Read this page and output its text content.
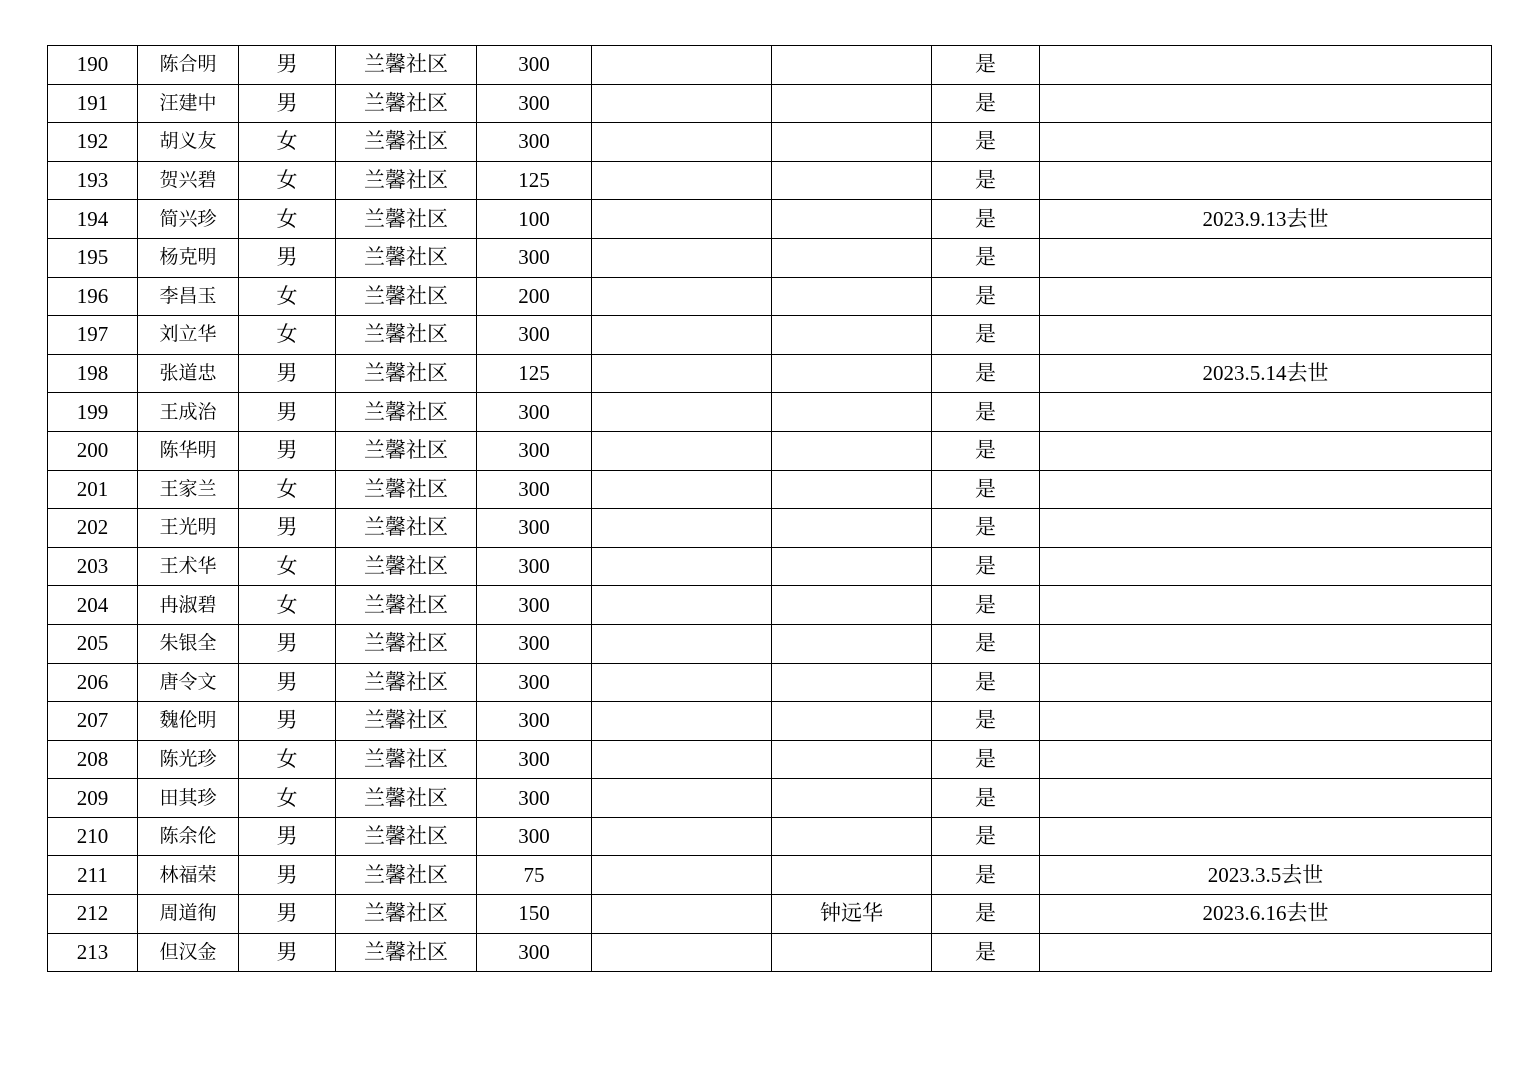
190	陈合明	男	兰馨社区	300			是	
191	汪建中	男	兰馨社区	300			是	
192	胡义友	女	兰馨社区	300			是	
193	贺兴碧	女	兰馨社区	125			是	
194	简兴珍	女	兰馨社区	100			是	2023.9.13去世
195	杨克明	男	兰馨社区	300			是	
196	李昌玉	女	兰馨社区	200			是	
197	刘立华	女	兰馨社区	300			是	
198	张道忠	男	兰馨社区	125			是	2023.5.14去世
199	王成治	男	兰馨社区	300			是	
200	陈华明	男	兰馨社区	300			是	
201	王家兰	女	兰馨社区	300			是	
202	王光明	男	兰馨社区	300			是	
203	王术华	女	兰馨社区	300			是	
204	冉淑碧	女	兰馨社区	300			是	
205	朱银全	男	兰馨社区	300			是	
206	唐令文	男	兰馨社区	300			是	
207	魏伦明	男	兰馨社区	300			是	
208	陈光珍	女	兰馨社区	300			是	
209	田其珍	女	兰馨社区	300			是	
210	陈余伦	男	兰馨社区	300			是	
211	林福荣	男	兰馨社区	75			是	2023.3.5去世
212	周道徇	男	兰馨社区	150		钟远华	是	2023.6.16去世
213	但汉金	男	兰馨社区	300			是	
